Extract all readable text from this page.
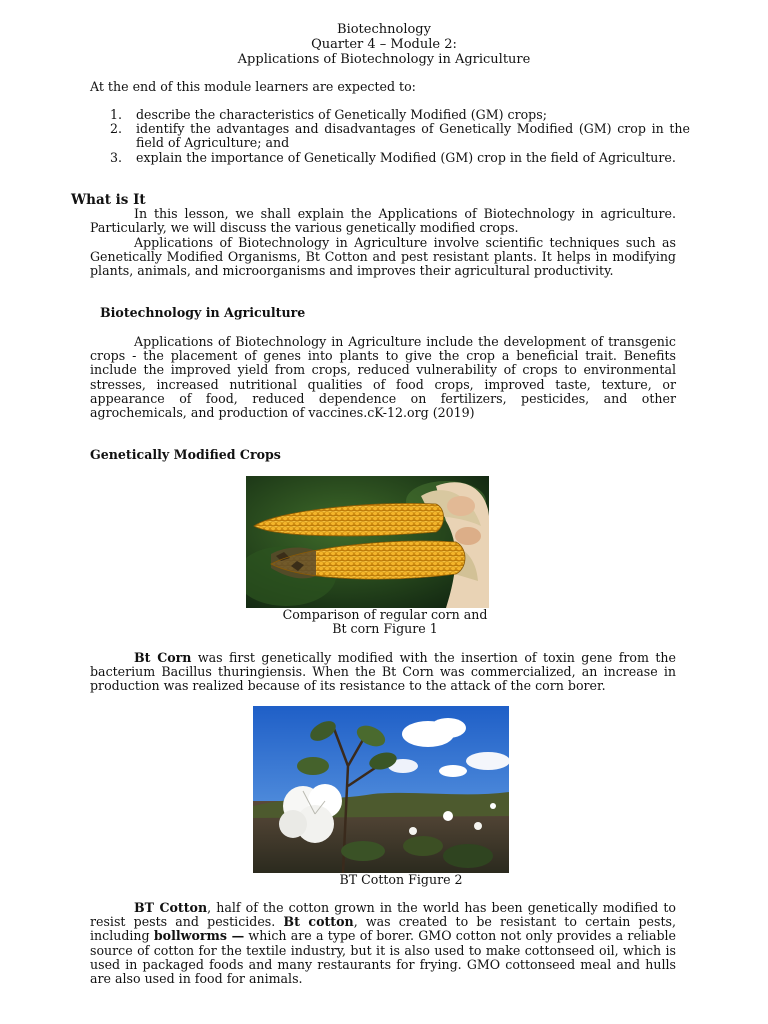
Biotechnology
Quarter 4 – Module 2:
Applications of Biotechnology in Agriculture
At the end of this module learners are expected to:
1.	describe the characteristics of Genetically Modified (GM) crops;
2.	identify the advantages and disadvantages of Genetically Modified (GM) crop in the field of Agriculture; and
3.	explain the importance of Genetically Modified (GM) crop in the field of Agriculture.
What is It

In this lesson, we shall explain the Applications of Biotechnology in agriculture. Particularly, we will discuss the various genetically modified crops.

Applications of Biotechnology in Agriculture involve scientific techniques such as Genetically Modified Organisms, Bt Cotton and pest resistant plants. It helps in modifying plants, animals, and microorganisms and improves their agricultural productivity.

Biotechnology in Agriculture

Applications of Biotechnology in Agriculture include the development of transgenic crops - the placement of genes into plants to give the crop a beneficial trait. Benefits include the improved yield from crops, reduced vulnerability of crops to environmental stresses, increased nutritional qualities of food crops, improved taste, texture, or appearance of food, reduced dependence on fertilizers, pesticides, and other agrochemicals, and production of vaccines.cK-12.org (2019)

Genetically Modified Crops
Comparison of regular corn and
Bt corn Figure 1

Bt Corn was first genetically modified with the insertion of toxin gene from the bacterium Bacillus thuringiensis. When the Bt Corn was commercialized, an increase in production was realized because of its resistance to the attack of the corn borer.

BT Cotton Figure 2

BT Cotton, half of the cotton grown in the world has been genetically modified to resist pests and pesticides. Bt cotton, was created to be resistant to certain pests, including bollworms — which are a type of borer. GMO cotton not only provides a reliable source of cotton for the textile industry, but it is also used to make cottonseed oil, which is used in packaged foods and many restaurants for frying. GMO cottonseed meal and hulls are also used in food for animals.
